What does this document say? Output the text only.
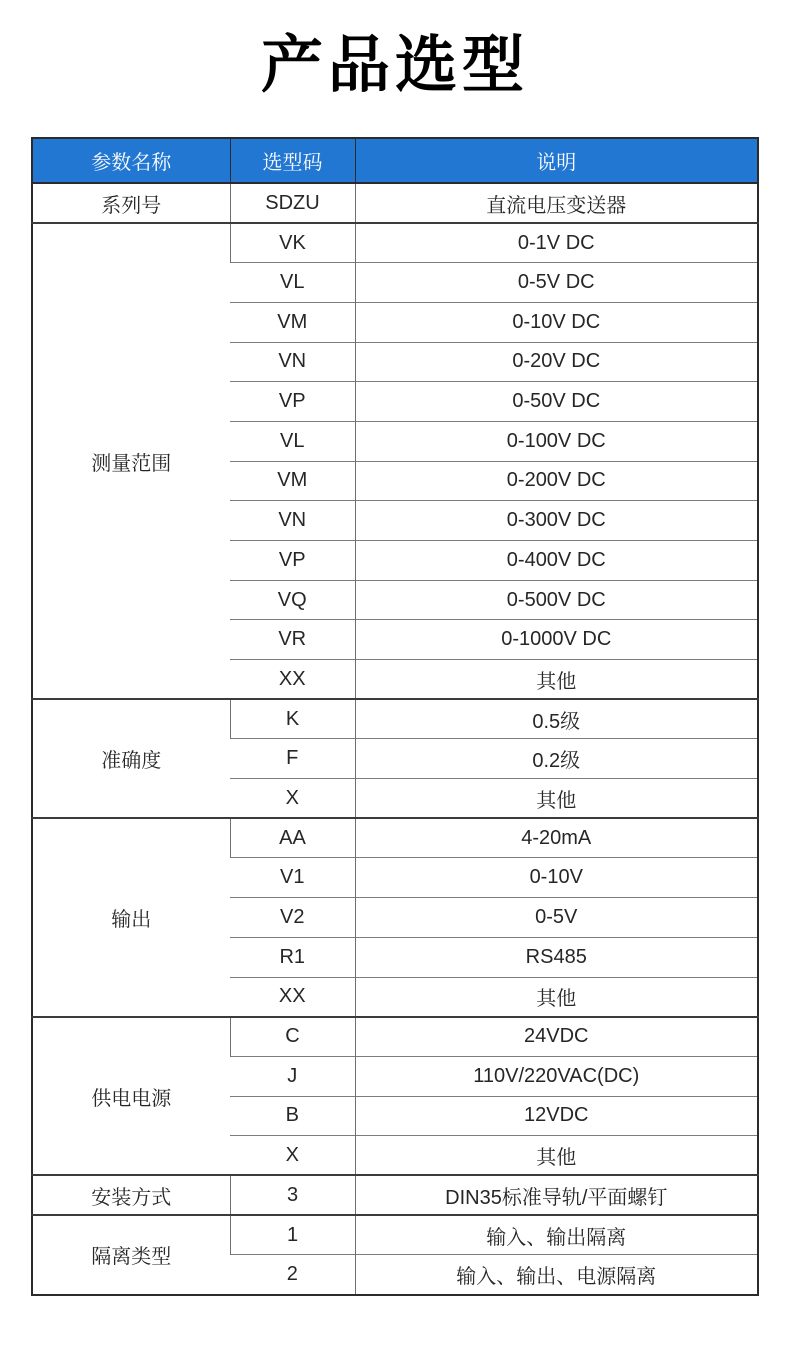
产品选型
参数名称	选型码	说明
系列号	SDZU	直流电压变送器
测量范围	VK	0-1V DC
	VL	0-5V DC
	VM	0-10V DC
	VN	0-20V DC
	VP	0-50V DC
	VL	0-100V DC
	VM	0-200V DC
	VN	0-300V DC
	VP	0-400V DC
	VQ	0-500V DC
	VR	0-1000V DC
	XX	其他
准确度	K	0.5级
	F	0.2级
	X	其他
输出	AA	4-20mA
	V1	0-10V
	V2	0-5V
	R1	RS485
	XX	其他
供电电源	C	24VDC
	J	110V/220VAC(DC)
	B	12VDC
	X	其他
安装方式	3	DIN35标准导轨/平面螺钉
隔离类型	1	输入、输出隔离
	2	输入、输出、电源隔离
